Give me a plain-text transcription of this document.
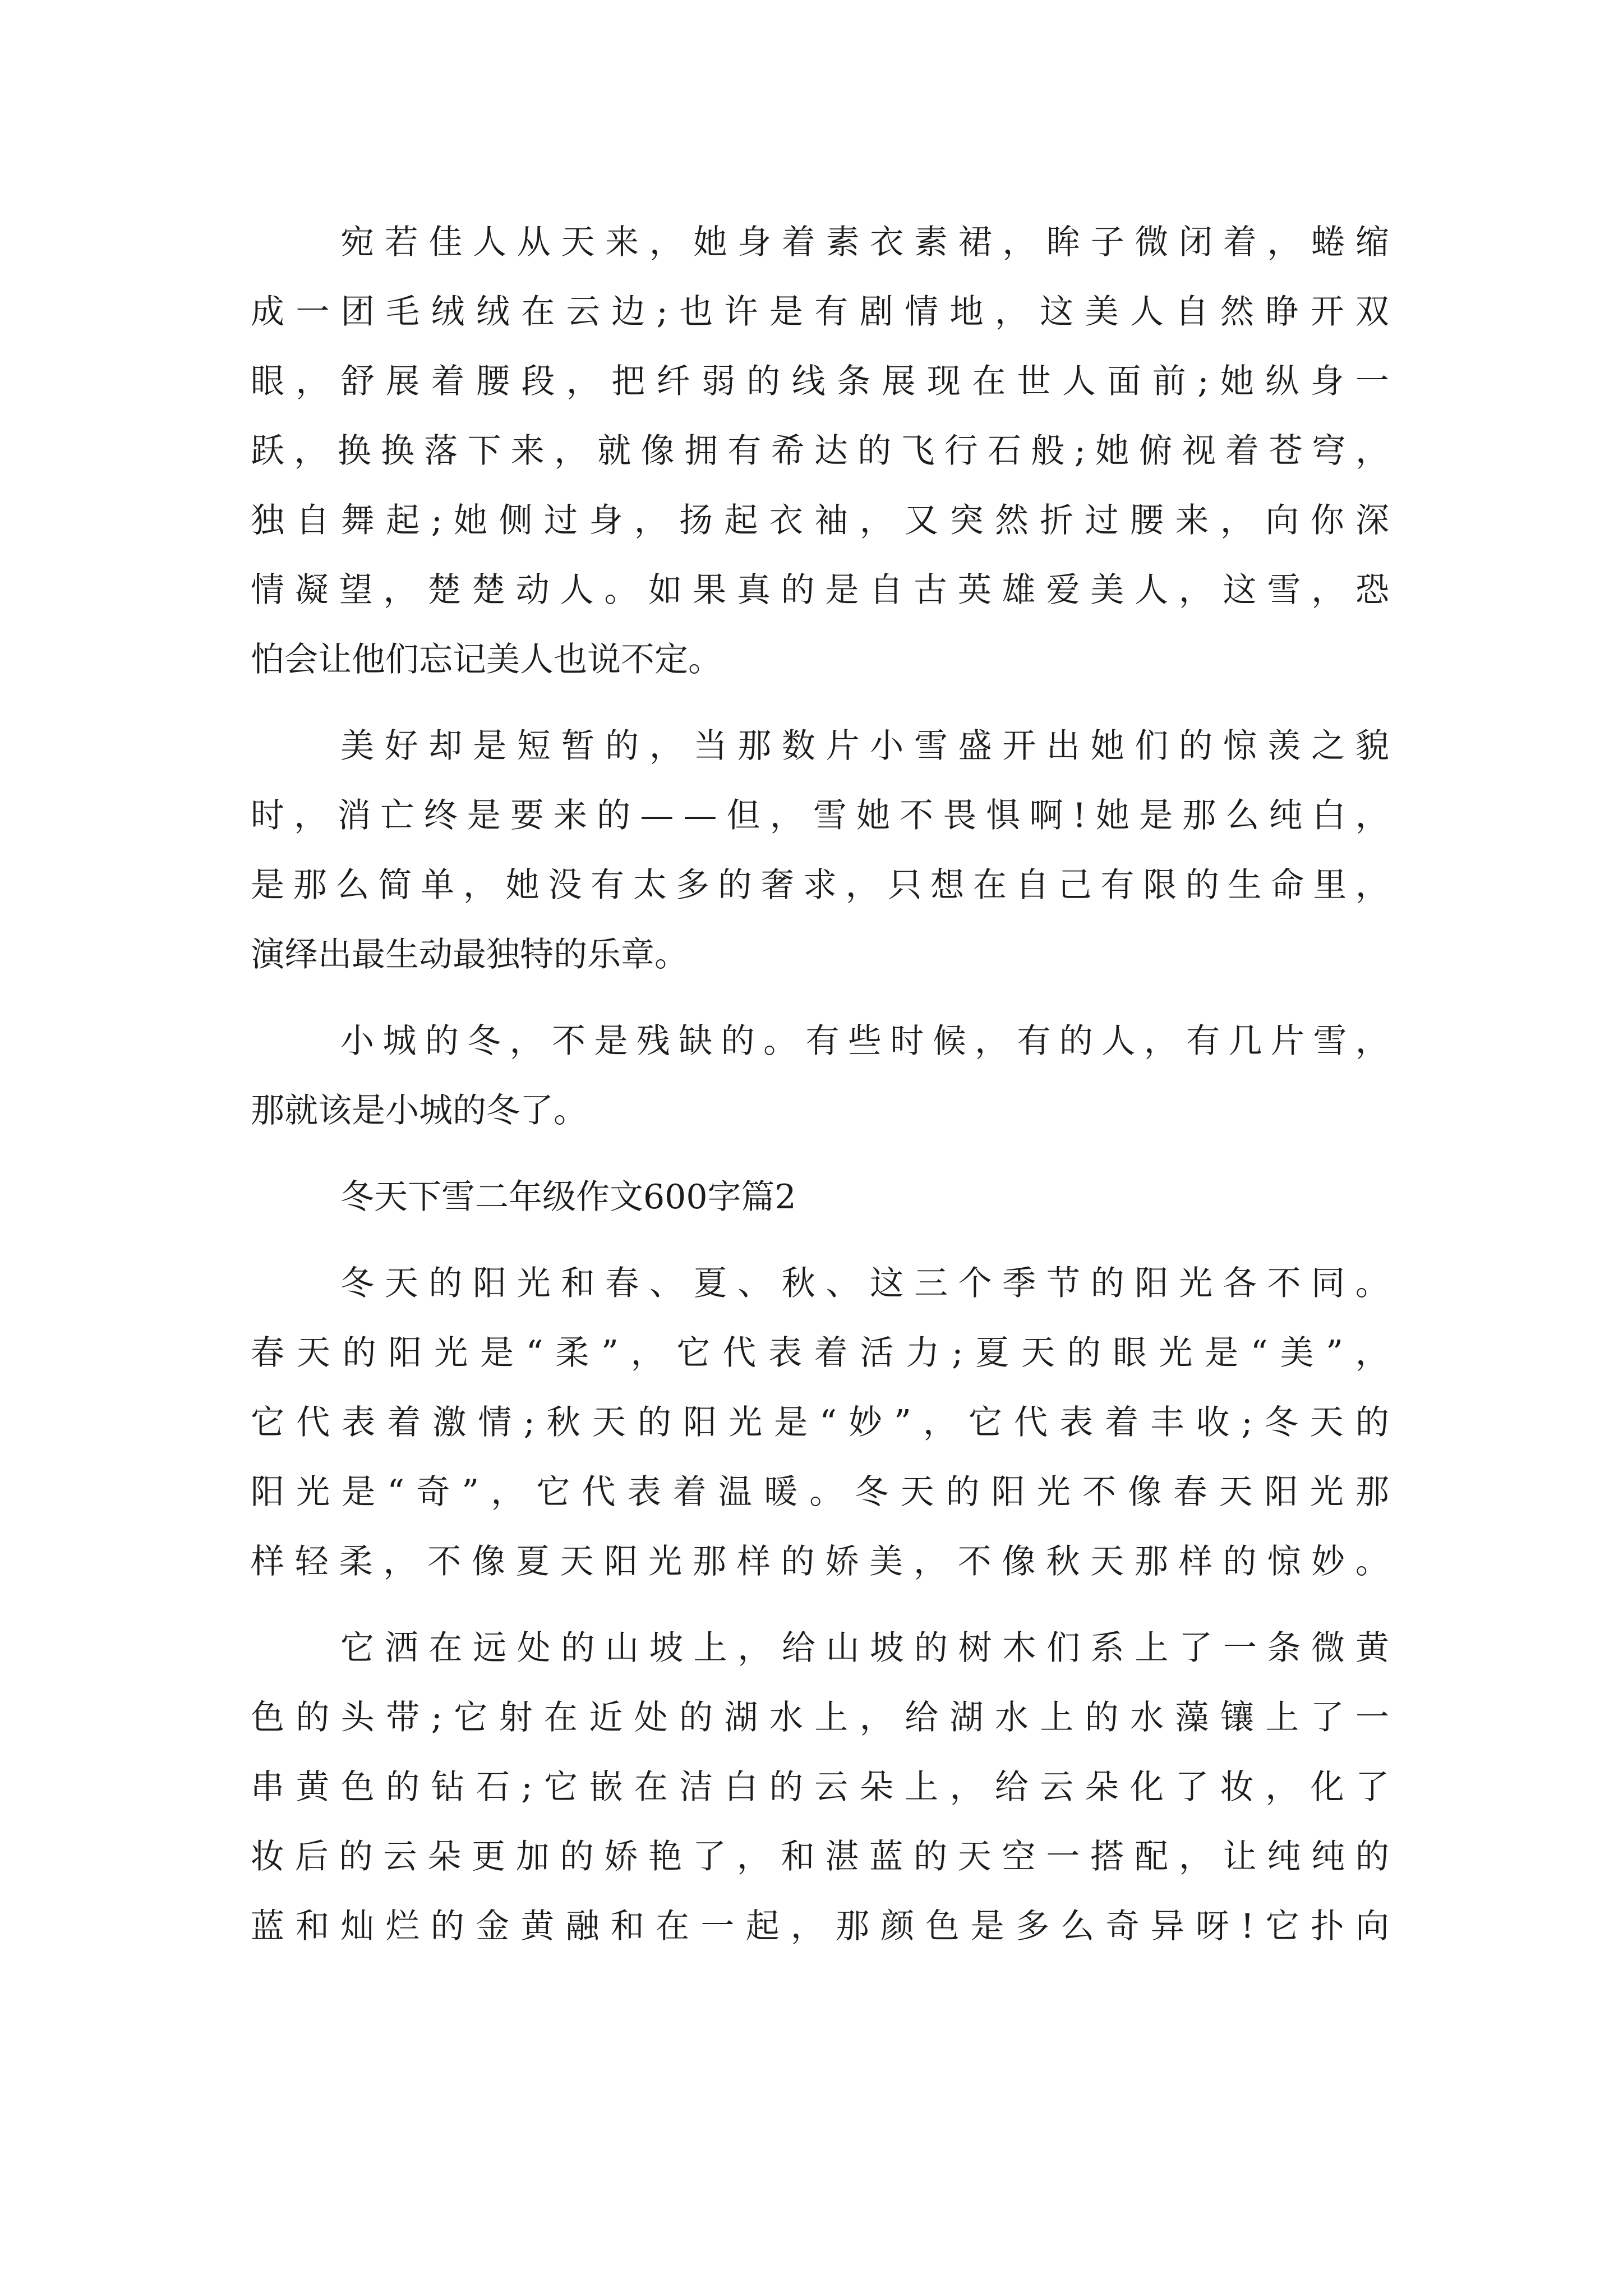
宛 若 佳 人 从 天 来 ， 她 身 着 素 衣 素 裙 ， 眸 子 微 闭 着 ， 蜷 缩
成 一 团 毛 绒 绒 在 云 边 ; 也 许 是 有 剧 情 地 ， 这 美 人 自 然 睁 开 双
眼 ， 舒 展 着 腰 段 ， 把 纤 弱 的 线 条 展 现 在 世 人 面 前 ; 她 纵 身 一
跃 ， 换 换 落 下 来 ， 就 像 拥 有 希 达 的 飞 行 石 般 ; 她 俯 视 着 苍 穹 ，
独 自 舞 起 ; 她 侧 过 身 ， 扬 起 衣 袖 ， 又 突 然 折 过 腰 来 ， 向 你 深
情 凝 望 ， 楚 楚 动 人 。 如 果 真 的 是 自 古 英 雄 爱 美 人 ， 这 雪 ， 恐
怕会让他们忘记美人也说不定。
美 好 却 是 短 暂 的 ， 当 那 数 片 小 雪 盛 开 出 她 们 的 惊 羡 之 貌
时 ， 消 亡 终 是 要 来 的 — — 但 ， 雪 她 不 畏 惧 啊 ! 她 是 那 么 纯 白 ，
是 那 么 简 单 ， 她 没 有 太 多 的 奢 求 ， 只 想 在 自 己 有 限 的 生 命 里 ，
演绎出最生动最独特的乐章。
小 城 的 冬 ， 不 是 残 缺 的 。 有 些 时 候 ， 有 的 人 ， 有 几 片 雪 ，
那就该是小城的冬了。
冬天下雪二年级作文600字篇2
冬 天 的 阳 光 和 春 、 夏 、 秋 、 这 三 个 季 节 的 阳 光 各 不 同 。
春 天 的 阳 光 是 “ 柔 ” ， 它 代 表 着 活 力 ; 夏 天 的 眼 光 是 “ 美 ” ，
它 代 表 着 激 情 ; 秋 天 的 阳 光 是 “ 妙 ” ， 它 代 表 着 丰 收 ; 冬 天 的
阳 光 是 “ 奇 ” ， 它 代 表 着 温 暖 。 冬 天 的 阳 光 不 像 春 天 阳 光 那
样 轻 柔 ， 不 像 夏 天 阳 光 那 样 的 娇 美 ， 不 像 秋 天 那 样 的 惊 妙 。
它 洒 在 远 处 的 山 坡 上 ， 给 山 坡 的 树 木 们 系 上 了 一 条 微 黄
色 的 头 带 ; 它 射 在 近 处 的 湖 水 上 ， 给 湖 水 上 的 水 藻 镶 上 了 一
串 黄 色 的 钻 石 ; 它 嵌 在 洁 白 的 云 朵 上 ， 给 云 朵 化 了 妆 ， 化 了
妆 后 的 云 朵 更 加 的 娇 艳 了 ， 和 湛 蓝 的 天 空 一 搭 配 ， 让 纯 纯 的
蓝 和 灿 烂 的 金 黄 融 和 在 一 起 ， 那 颜 色 是 多 么 奇 异 呀 ! 它 扑 向
